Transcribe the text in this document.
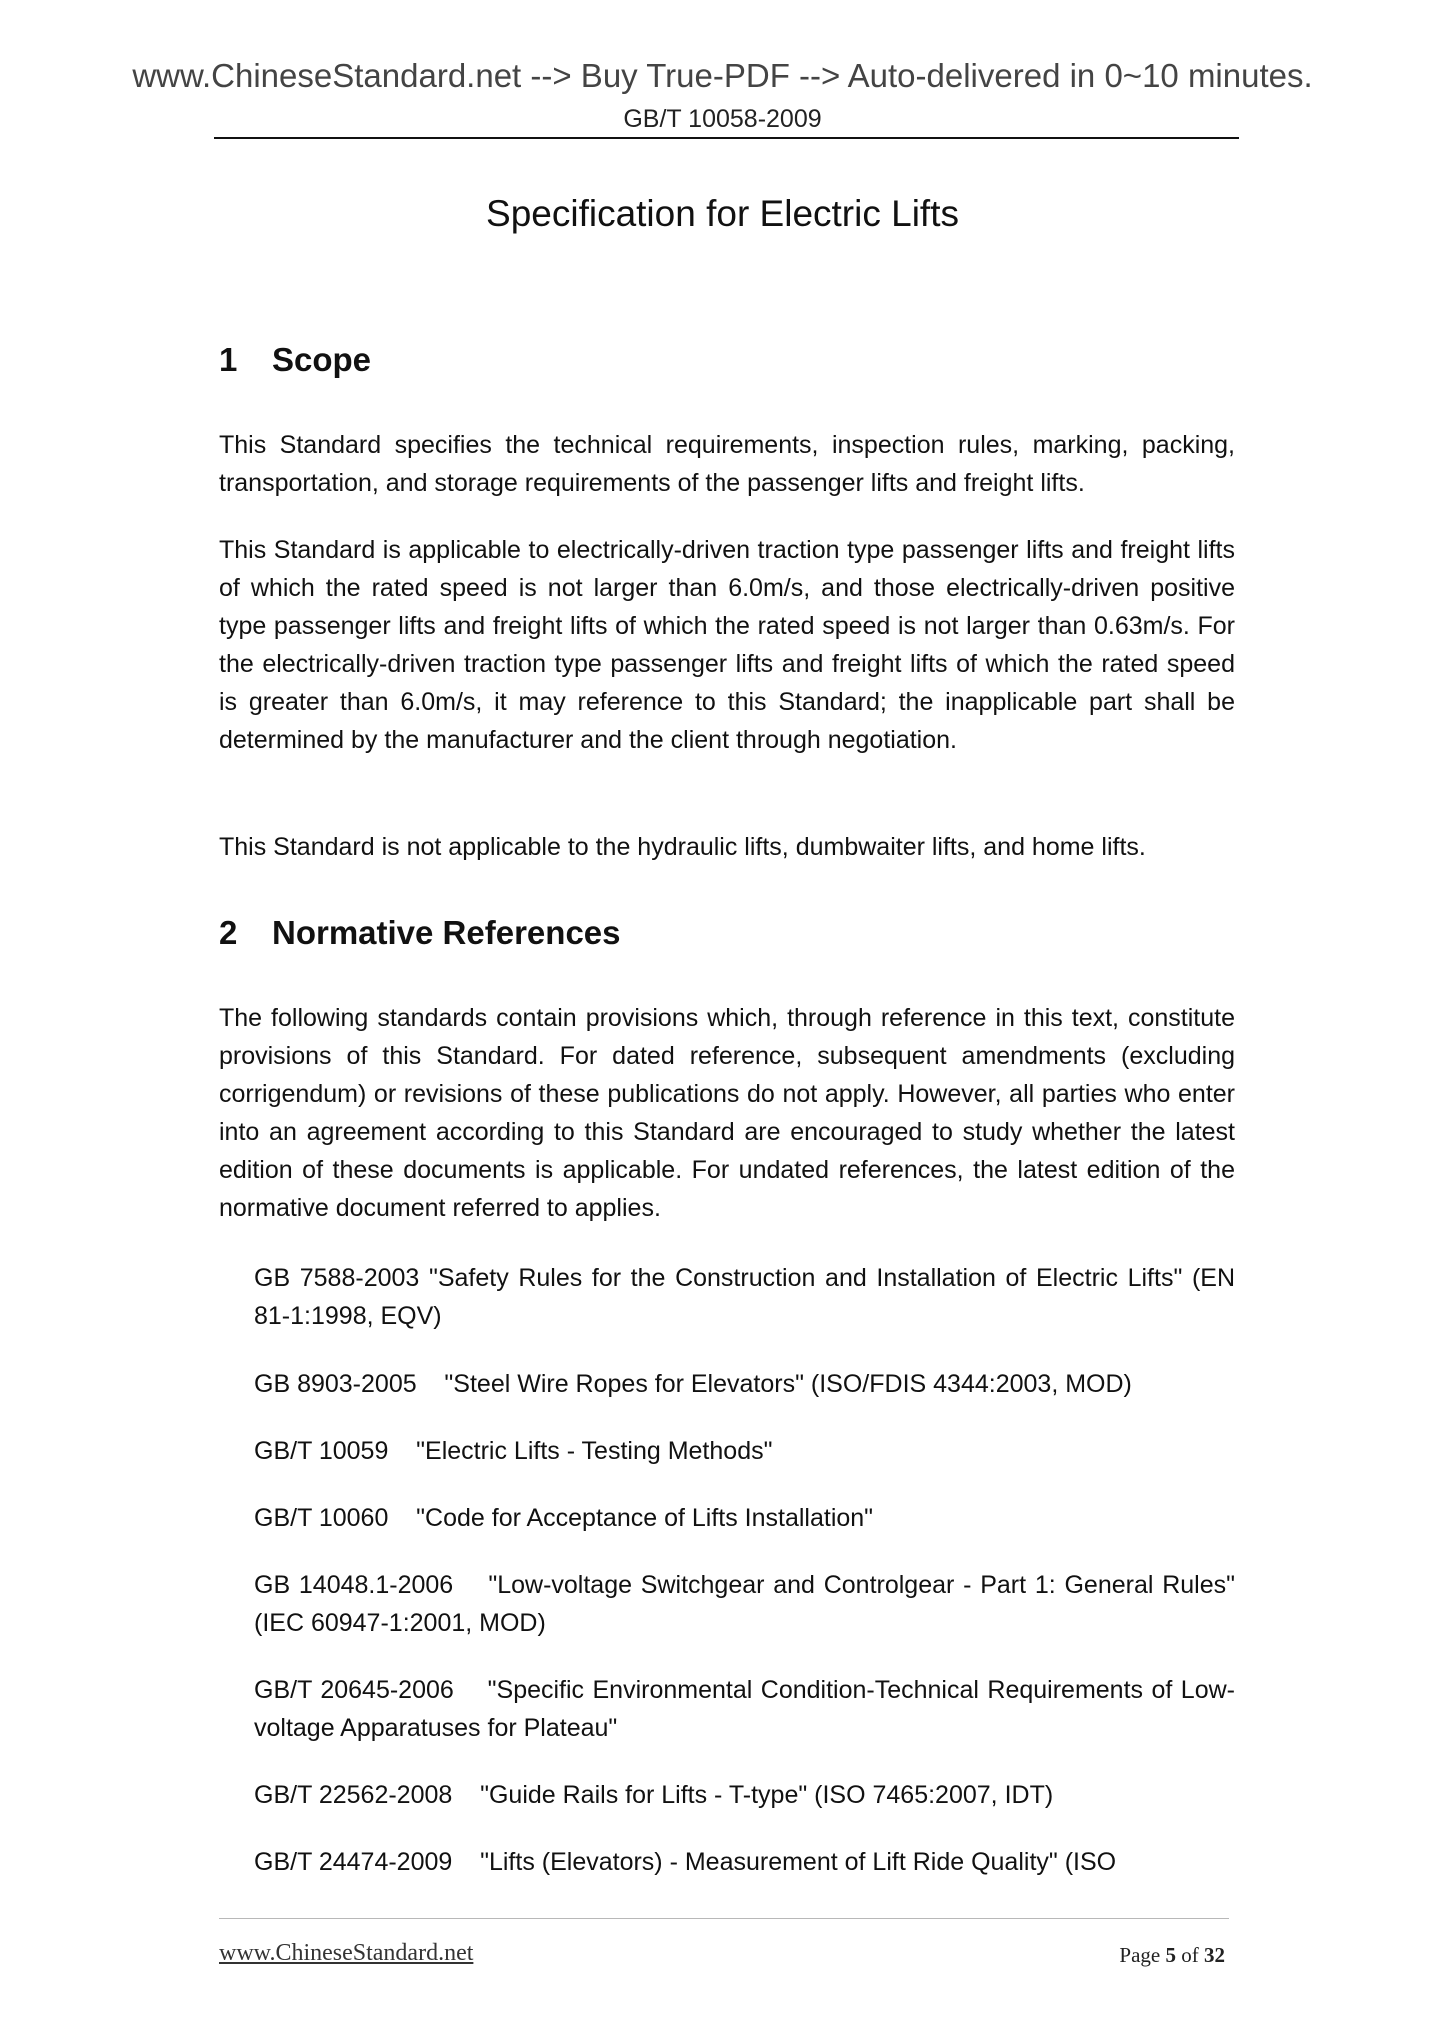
www.ChineseStandard.net --> Buy True-PDF --> Auto-delivered in 0~10 minutes.
GB/T 10058-2009
Specification for Electric Lifts
1 Scope

This Standard specifies the technical requirements, inspection rules, marking, packing, transportation, and storage requirements of the passenger lifts and freight lifts.

This Standard is applicable to electrically-driven traction type passenger lifts and freight lifts of which the rated speed is not larger than 6.0m/s, and those electrically-driven positive type passenger lifts and freight lifts of which the rated speed is not larger than 0.63m/s. For the electrically-driven traction type passenger lifts and freight lifts of which the rated speed is greater than 6.0m/s, it may reference to this Standard; the inapplicable part shall be determined by the manufacturer and the client through negotiation.

This Standard is not applicable to the hydraulic lifts, dumbwaiter lifts, and home lifts.

2 Normative References

The following standards contain provisions which, through reference in this text, constitute provisions of this Standard. For dated reference, subsequent amendments (excluding corrigendum) or revisions of these publications do not apply. However, all parties who enter into an agreement according to this Standard are encouraged to study whether the latest edition of these documents is applicable. For undated references, the latest edition of the normative document referred to applies.

GB 7588-2003 "Safety Rules for the Construction and Installation of Electric Lifts" (EN 81-1:1998, EQV)

GB 8903-2005 "Steel Wire Ropes for Elevators" (ISO/FDIS 4344:2003, MOD)

GB/T 10059 "Electric Lifts - Testing Methods"

GB/T 10060 "Code for Acceptance of Lifts Installation"

GB 14048.1-2006 "Low-voltage Switchgear and Controlgear - Part 1: General Rules" (IEC 60947-1:2001, MOD)

GB/T 20645-2006 "Specific Environmental Condition-Technical Requirements of Low-voltage Apparatuses for Plateau"

GB/T 22562-2008 "Guide Rails for Lifts - T-type" (ISO 7465:2007, IDT)

GB/T 24474-2009 "Lifts (Elevators) - Measurement of Lift Ride Quality" (ISO

www.ChineseStandard.net	Page 5 of 32
